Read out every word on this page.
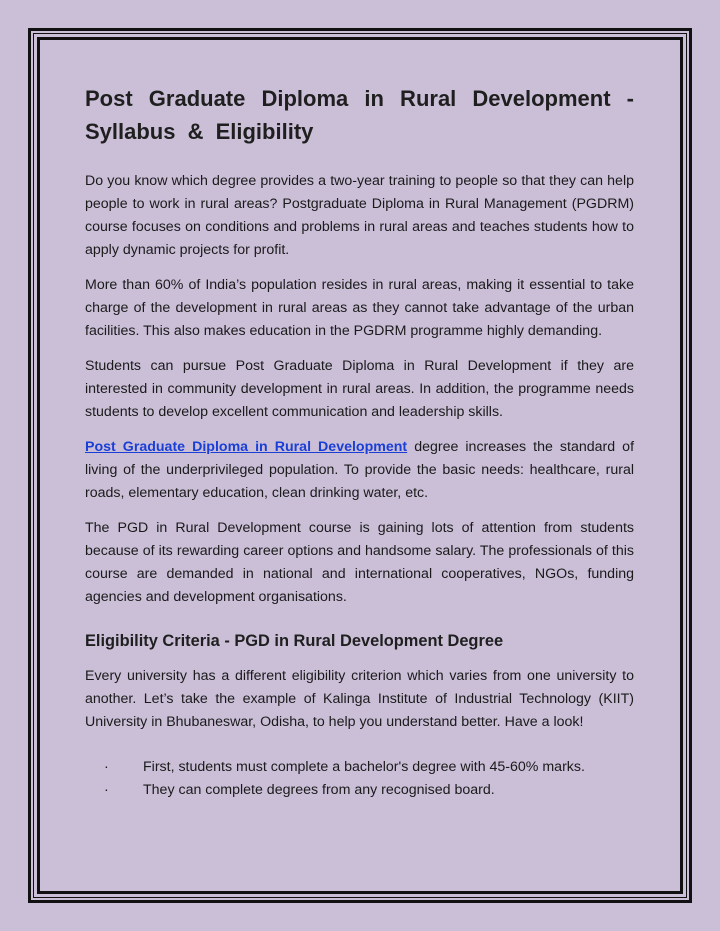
Post Graduate Diploma in Rural Development - Syllabus & Eligibility

Do you know which degree provides a two-year training to people so that they can help people to work in rural areas? Postgraduate Diploma in Rural Management (PGDRM) course focuses on conditions and problems in rural areas and teaches students how to apply dynamic projects for profit.

More than 60% of India’s population resides in rural areas, making it essential to take charge of the development in rural areas as they cannot take advantage of the urban facilities. This also makes education in the PGDRM programme highly demanding.

Students can pursue Post Graduate Diploma in Rural Development if they are interested in community development in rural areas. In addition, the programme needs students to develop excellent communication and leadership skills.

Post Graduate Diploma in Rural Development degree increases the standard of living of the underprivileged population. To provide the basic needs: healthcare, rural roads, elementary education, clean drinking water, etc.

The PGD in Rural Development course is gaining lots of attention from students because of its rewarding career options and handsome salary. The professionals of this course are demanded in national and international cooperatives, NGOs, funding agencies and development organisations.

Eligibility Criteria - PGD in Rural Development Degree

Every university has a different eligibility criterion which varies from one university to another. Let’s take the example of Kalinga Institute of Industrial Technology (KIIT) University in Bhubaneswar, Odisha, to help you understand better. Have a look!

·	First, students must complete a bachelor's degree with 45-60% marks.
·	They can complete degrees from any recognised board.
